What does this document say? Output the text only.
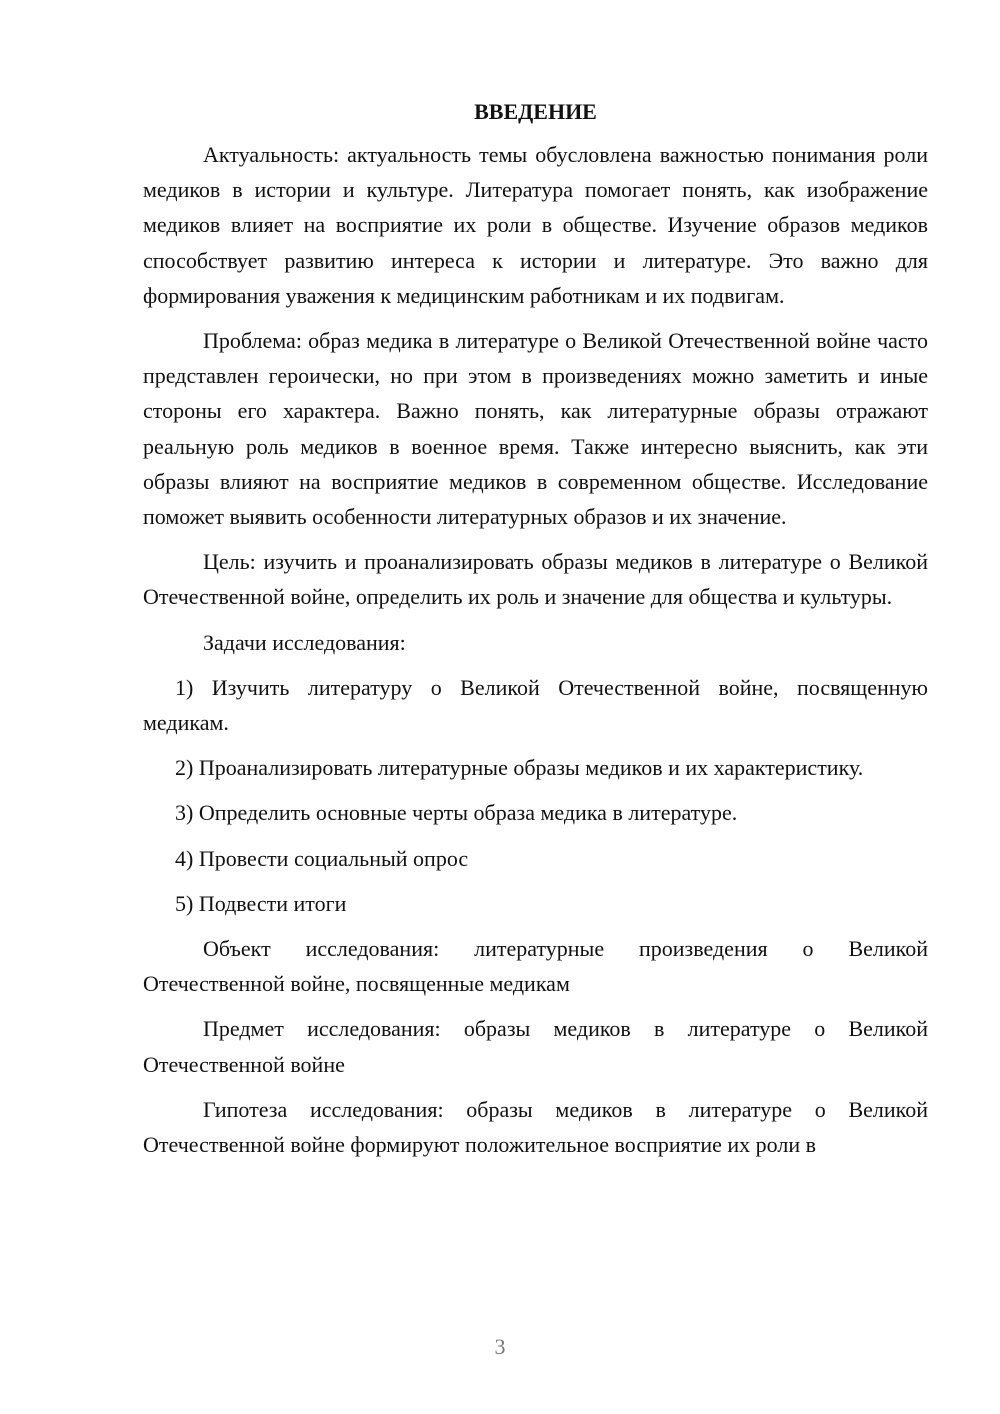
ВВЕДЕНИЕ

Актуальность: актуальность темы обусловлена важностью понимания роли медиков в истории и культуре. Литература помогает понять, как изображение медиков влияет на восприятие их роли в обществе. Изучение образов медиков способствует развитию интереса к истории и литературе. Это важно для формирования уважения к медицинским работникам и их подвигам.

Проблема: образ медика в литературе о Великой Отечественной войне часто представлен героически, но при этом в произведениях можно заметить и иные стороны его характера. Важно понять, как литературные образы отражают реальную роль медиков в военное время. Также интересно выяснить, как эти образы влияют на восприятие медиков в современном обществе. Исследование поможет выявить особенности литературных образов и их значение.

Цель: изучить и проанализировать образы медиков в литературе о Великой Отечественной войне, определить их роль и значение для общества и культуры.

Задачи исследования:

1) Изучить литературу о Великой Отечественной войне, посвященную медикам.

2) Проанализировать литературные образы медиков и их характеристику.

3) Определить основные черты образа медика в литературе.

4) Провести социальный опрос

5) Подвести итоги

Объект исследования: литературные произведения о Великой Отечественной войне, посвященные медикам

Предмет исследования: образы медиков в литературе о Великой Отечественной войне

Гипотеза исследования: образы медиков в литературе о Великой Отечественной войне формируют положительное восприятие их роли в

3
